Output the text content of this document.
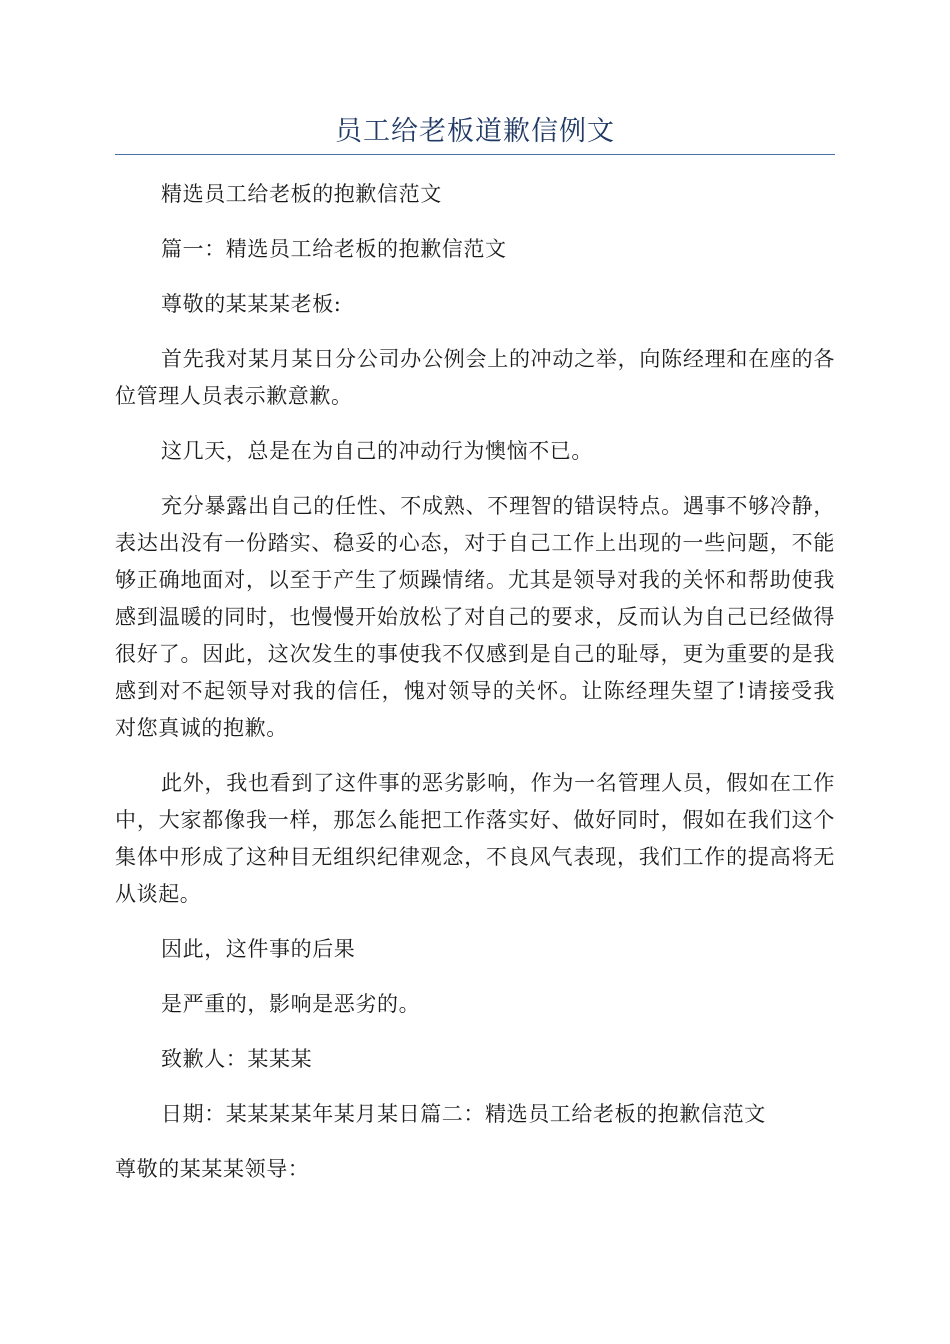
员工给老板道歉信例文

精选员工给老板的抱歉信范文

篇一：精选员工给老板的抱歉信范文

尊敬的某某某老板:

首先我对某月某日分公司办公例会上的冲动之举，向陈经理和在座的各位管理人员表示歉意歉。

这几天，总是在为自己的冲动行为懊恼不已。

充分暴露出自己的任性、不成熟、不理智的错误特点。遇事不够冷静，表达出没有一份踏实、稳妥的心态，对于自己工作上出现的一些问题，不能够正确地面对，以至于产生了烦躁情绪。尤其是领导对我的关怀和帮助使我感到温暖的同时，也慢慢开始放松了对自己的要求，反而认为自己已经做得很好了。因此，这次发生的事使我不仅感到是自己的耻辱，更为重要的是我感到对不起领导对我的信任，愧对领导的关怀。让陈经理失望了!请接受我对您真诚的抱歉。

此外，我也看到了这件事的恶劣影响，作为一名管理人员，假如在工作中，大家都像我一样，那怎么能把工作落实好、做好同时，假如在我们这个集体中形成了这种目无组织纪律观念，不良风气表现，我们工作的提高将无从谈起。

因此，这件事的后果

是严重的，影响是恶劣的。

致歉人：某某某

日期：某某某某年某月某日篇二：精选员工给老板的抱歉信范文

尊敬的某某某领导：
